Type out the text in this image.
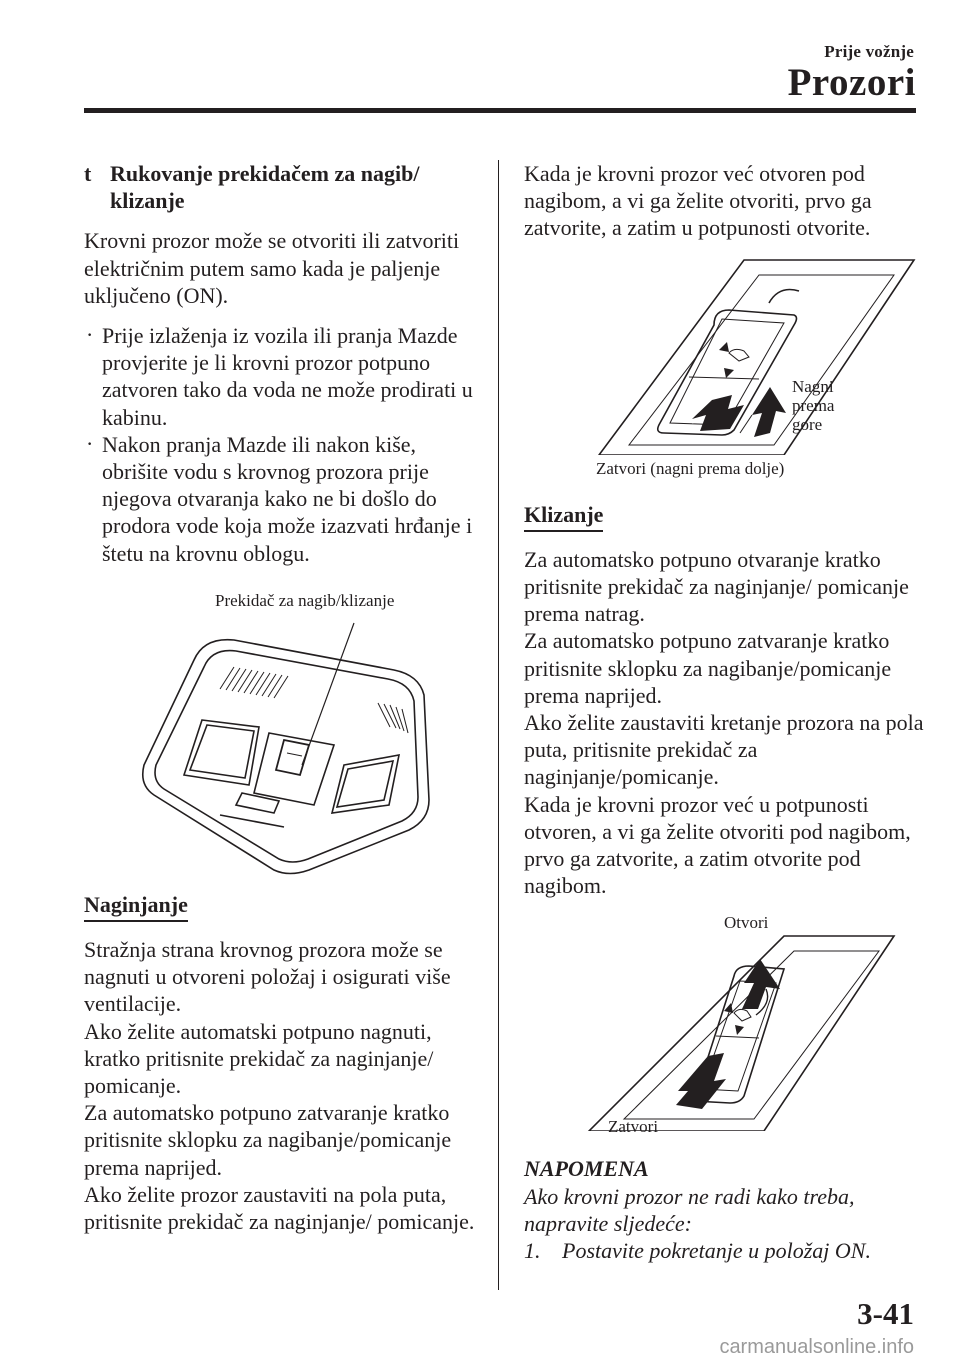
Prije vožnje
Prozori
t Rukovanje prekidačem za nagib/ klizanje

Krovni prozor može se otvoriti ili zatvoriti električnim putem samo kada je paljenje uključeno (ON).

· Prije izlaženja iz vozila ili pranja Mazde provjerite je li krovni prozor potpuno zatvoren tako da voda ne može prodirati u kabinu.
· Nakon pranja Mazde ili nakon kiše, obrišite vodu s krovnog prozora prije njegova otvaranja kako ne bi došlo do prodora vode koja može izazvati hrđanje i štetu na krovnu oblogu.
Prekidač za nagib/klizanje
Naginjanje

Stražnja strana krovnog prozora može se nagnuti u otvoreni položaj i osigurati više ventilacije.

Ako želite automatski potpuno nagnuti, kratko pritisnite prekidač za naginjanje/ pomicanje.

Za automatsko potpuno zatvaranje kratko pritisnite sklopku za nagibanje/pomicanje prema naprijed.

Ako želite prozor zaustaviti na pola puta, pritisnite prekidač za naginjanje/ pomicanje.

Kada je krovni prozor već otvoren pod nagibom, a vi ga želite otvoriti, prvo ga zatvorite, a zatim u potpunosti otvorite.

Nagni
prema
gore
Zatvori (nagni prema dolje)
Klizanje

Za automatsko potpuno otvaranje kratko pritisnite prekidač za naginjanje/ pomicanje prema natrag.

Za automatsko potpuno zatvaranje kratko pritisnite sklopku za nagibanje/pomicanje prema naprijed.

Ako želite zaustaviti kretanje prozora na pola puta, pritisnite prekidač za naginjanje/pomicanje.

Kada je krovni prozor već u potpunosti otvoren, a vi ga želite otvoriti pod nagibom, prvo ga zatvorite, a zatim otvorite pod nagibom.

Otvori
Zatvori
NAPOMENA

Ako krovni prozor ne radi kako treba, napravite sljedeće:

1. Postavite pokretanje u položaj ON.
3-41
carmanualsonline.info
